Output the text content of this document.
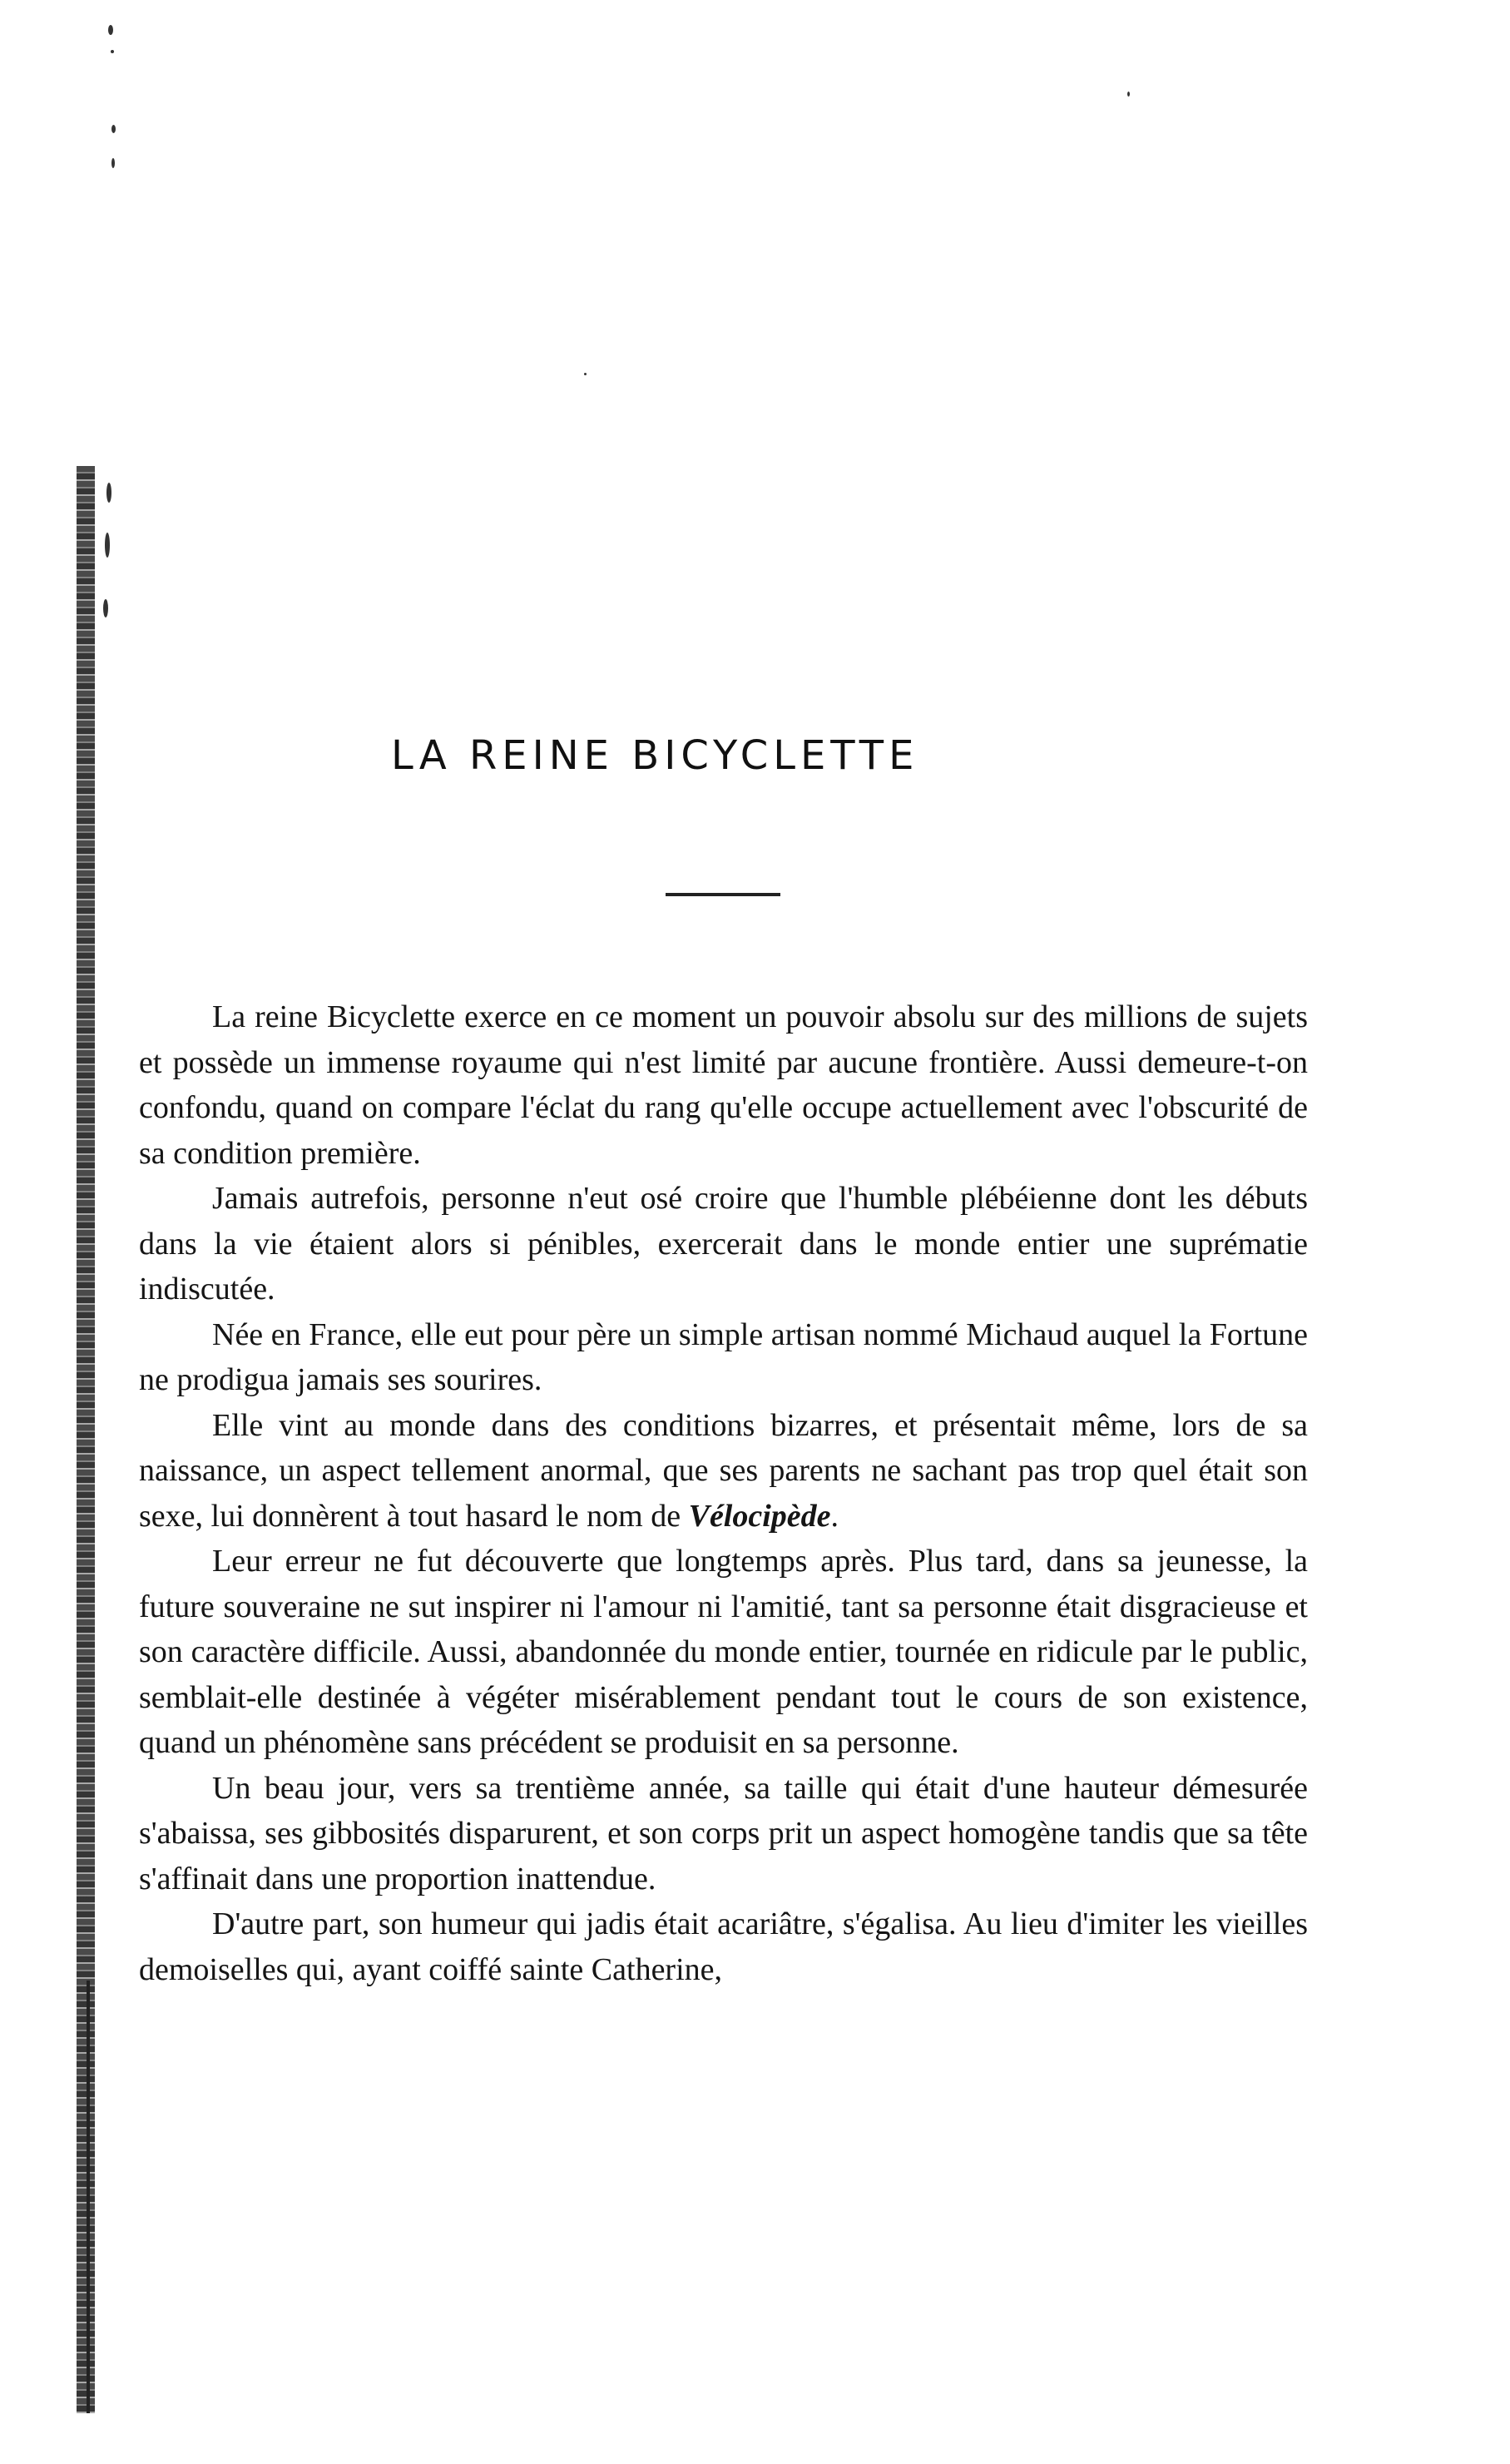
LA REINE BICYCLETTE

La reine Bicyclette exerce en ce moment un pouvoir absolu sur des millions de sujets et possède un immense royaume qui n'est limité par aucune frontière. Aussi demeure-t-on confondu, quand on compare l'éclat du rang qu'elle occupe actuellement avec l'obscurité de sa condition première.

Jamais autrefois, personne n'eut osé croire que l'humble plébéienne dont les débuts dans la vie étaient alors si pénibles, exercerait dans le monde entier une suprématie indiscutée.

Née en France, elle eut pour père un simple artisan nommé Michaud auquel la Fortune ne prodigua jamais ses sourires.

Elle vint au monde dans des conditions bizarres, et présentait même, lors de sa naissance, un aspect tellement anormal, que ses parents ne sachant pas trop quel était son sexe, lui donnèrent à tout hasard le nom de Vélocipède.

Leur erreur ne fut découverte que longtemps après. Plus tard, dans sa jeunesse, la future souveraine ne sut inspirer ni l'amour ni l'amitié, tant sa personne était disgracieuse et son caractère difficile. Aussi, abandonnée du monde entier, tournée en ridicule par le public, semblait-elle destinée à végéter misérablement pendant tout le cours de son existence, quand un phénomène sans précédent se produisit en sa personne.

Un beau jour, vers sa trentième année, sa taille qui était d'une hauteur démesurée s'abaissa, ses gibbosités disparurent, et son corps prit un aspect homogène tandis que sa tête s'affinait dans une proportion inattendue.

D'autre part, son humeur qui jadis était acariâtre, s'égalisa. Au lieu d'imiter les vieilles demoiselles qui, ayant coiffé sainte Catherine,
